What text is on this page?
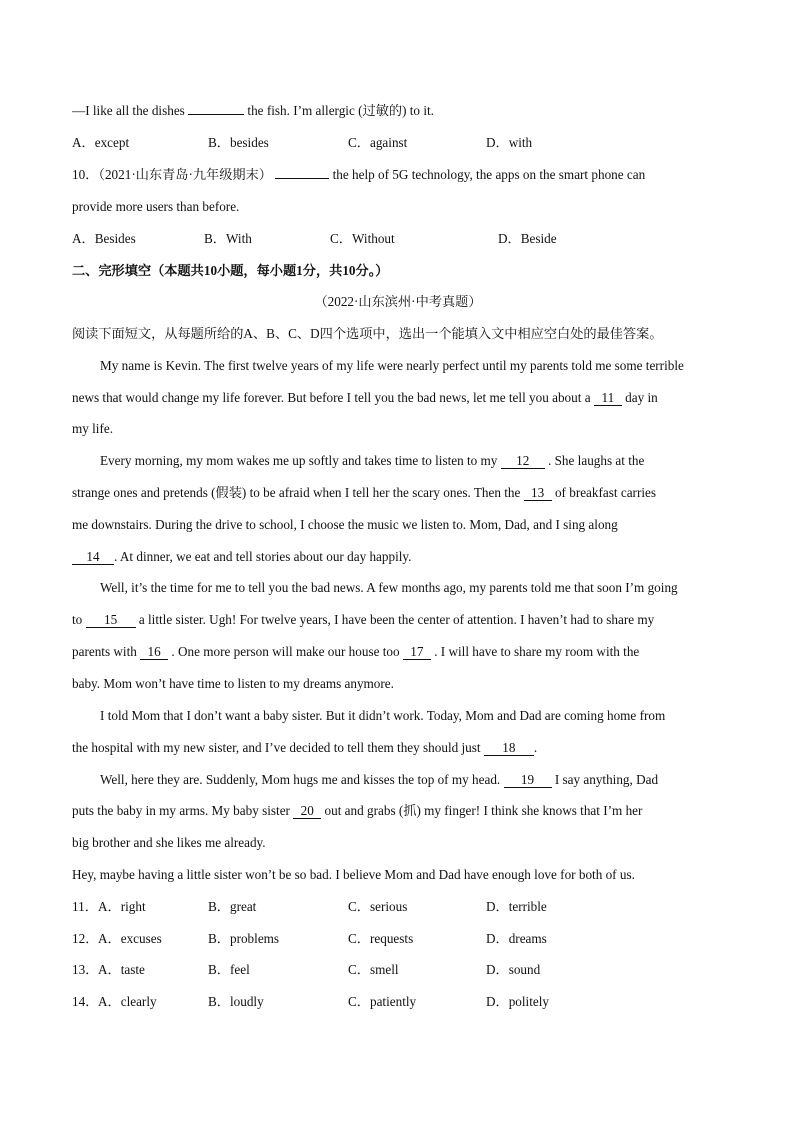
—I like all the dishes	the fish. I’m allergic (过敏的) to it.
A．except	B．besides	C．against	D．with
10．（2021·山东青岛·九年级期末）	the help of 5G technology, the apps on the smart phone can
provide more users than before.
A．Besides	B．With	C．Without	D．Beside
二、完形填空（本题共10小题，每小题1分，共10分。）
（2022·山东滨州·中考真题）
阅读下面短文，从每题所给的A、B、C、D四个选项中，选出一个能填入文中相应空白处的最佳答案。
My name is Kevin. The first twelve years of my life were nearly perfect until my parents told me some terrible
news that would change my life forever. But before I tell you the bad news, let me tell you about a 11 day in
my life.
Every morning, my mom wakes me up softly and takes time to listen to my 12 . She laughs at the
strange ones and pretends (假装) to be afraid when I tell her the scary ones. Then the 13 of breakfast carries
me downstairs. During the drive to school, I choose the music we listen to. Mom, Dad, and I sing along
14 . At dinner, we eat and tell stories about our day happily.
Well, it’s the time for me to tell you the bad news. A few months ago, my parents told me that soon I’m going
to 15 a little sister. Ugh! For twelve years, I have been the center of attention. I haven’t had to share my
parents with 16 . One more person will make our house too 17 . I will have to share my room with the
baby. Mom won’t have time to listen to my dreams anymore.
I told Mom that I don’t want a baby sister. But it didn’t work. Today, Mom and Dad are coming home from
the hospital with my new sister, and I’ve decided to tell them they should just 18 .
Well, here they are. Suddenly, Mom hugs me and kisses the top of my head. 19 I say anything, Dad
puts the baby in my arms. My baby sister 20 out and grabs (抓) my finger! I think she knows that I’m her
big brother and she likes me already.
Hey, maybe having a little sister won’t be so bad. I believe Mom and Dad have enough love for both of us.
11． A．right	B．great	C．serious	D．terrible
12． A．excuses	B．problems	C．requests	D．dreams
13． A．taste	B．feel	C．smell	D．sound
14． A．clearly	B．loudly	C．patiently	D．politely
